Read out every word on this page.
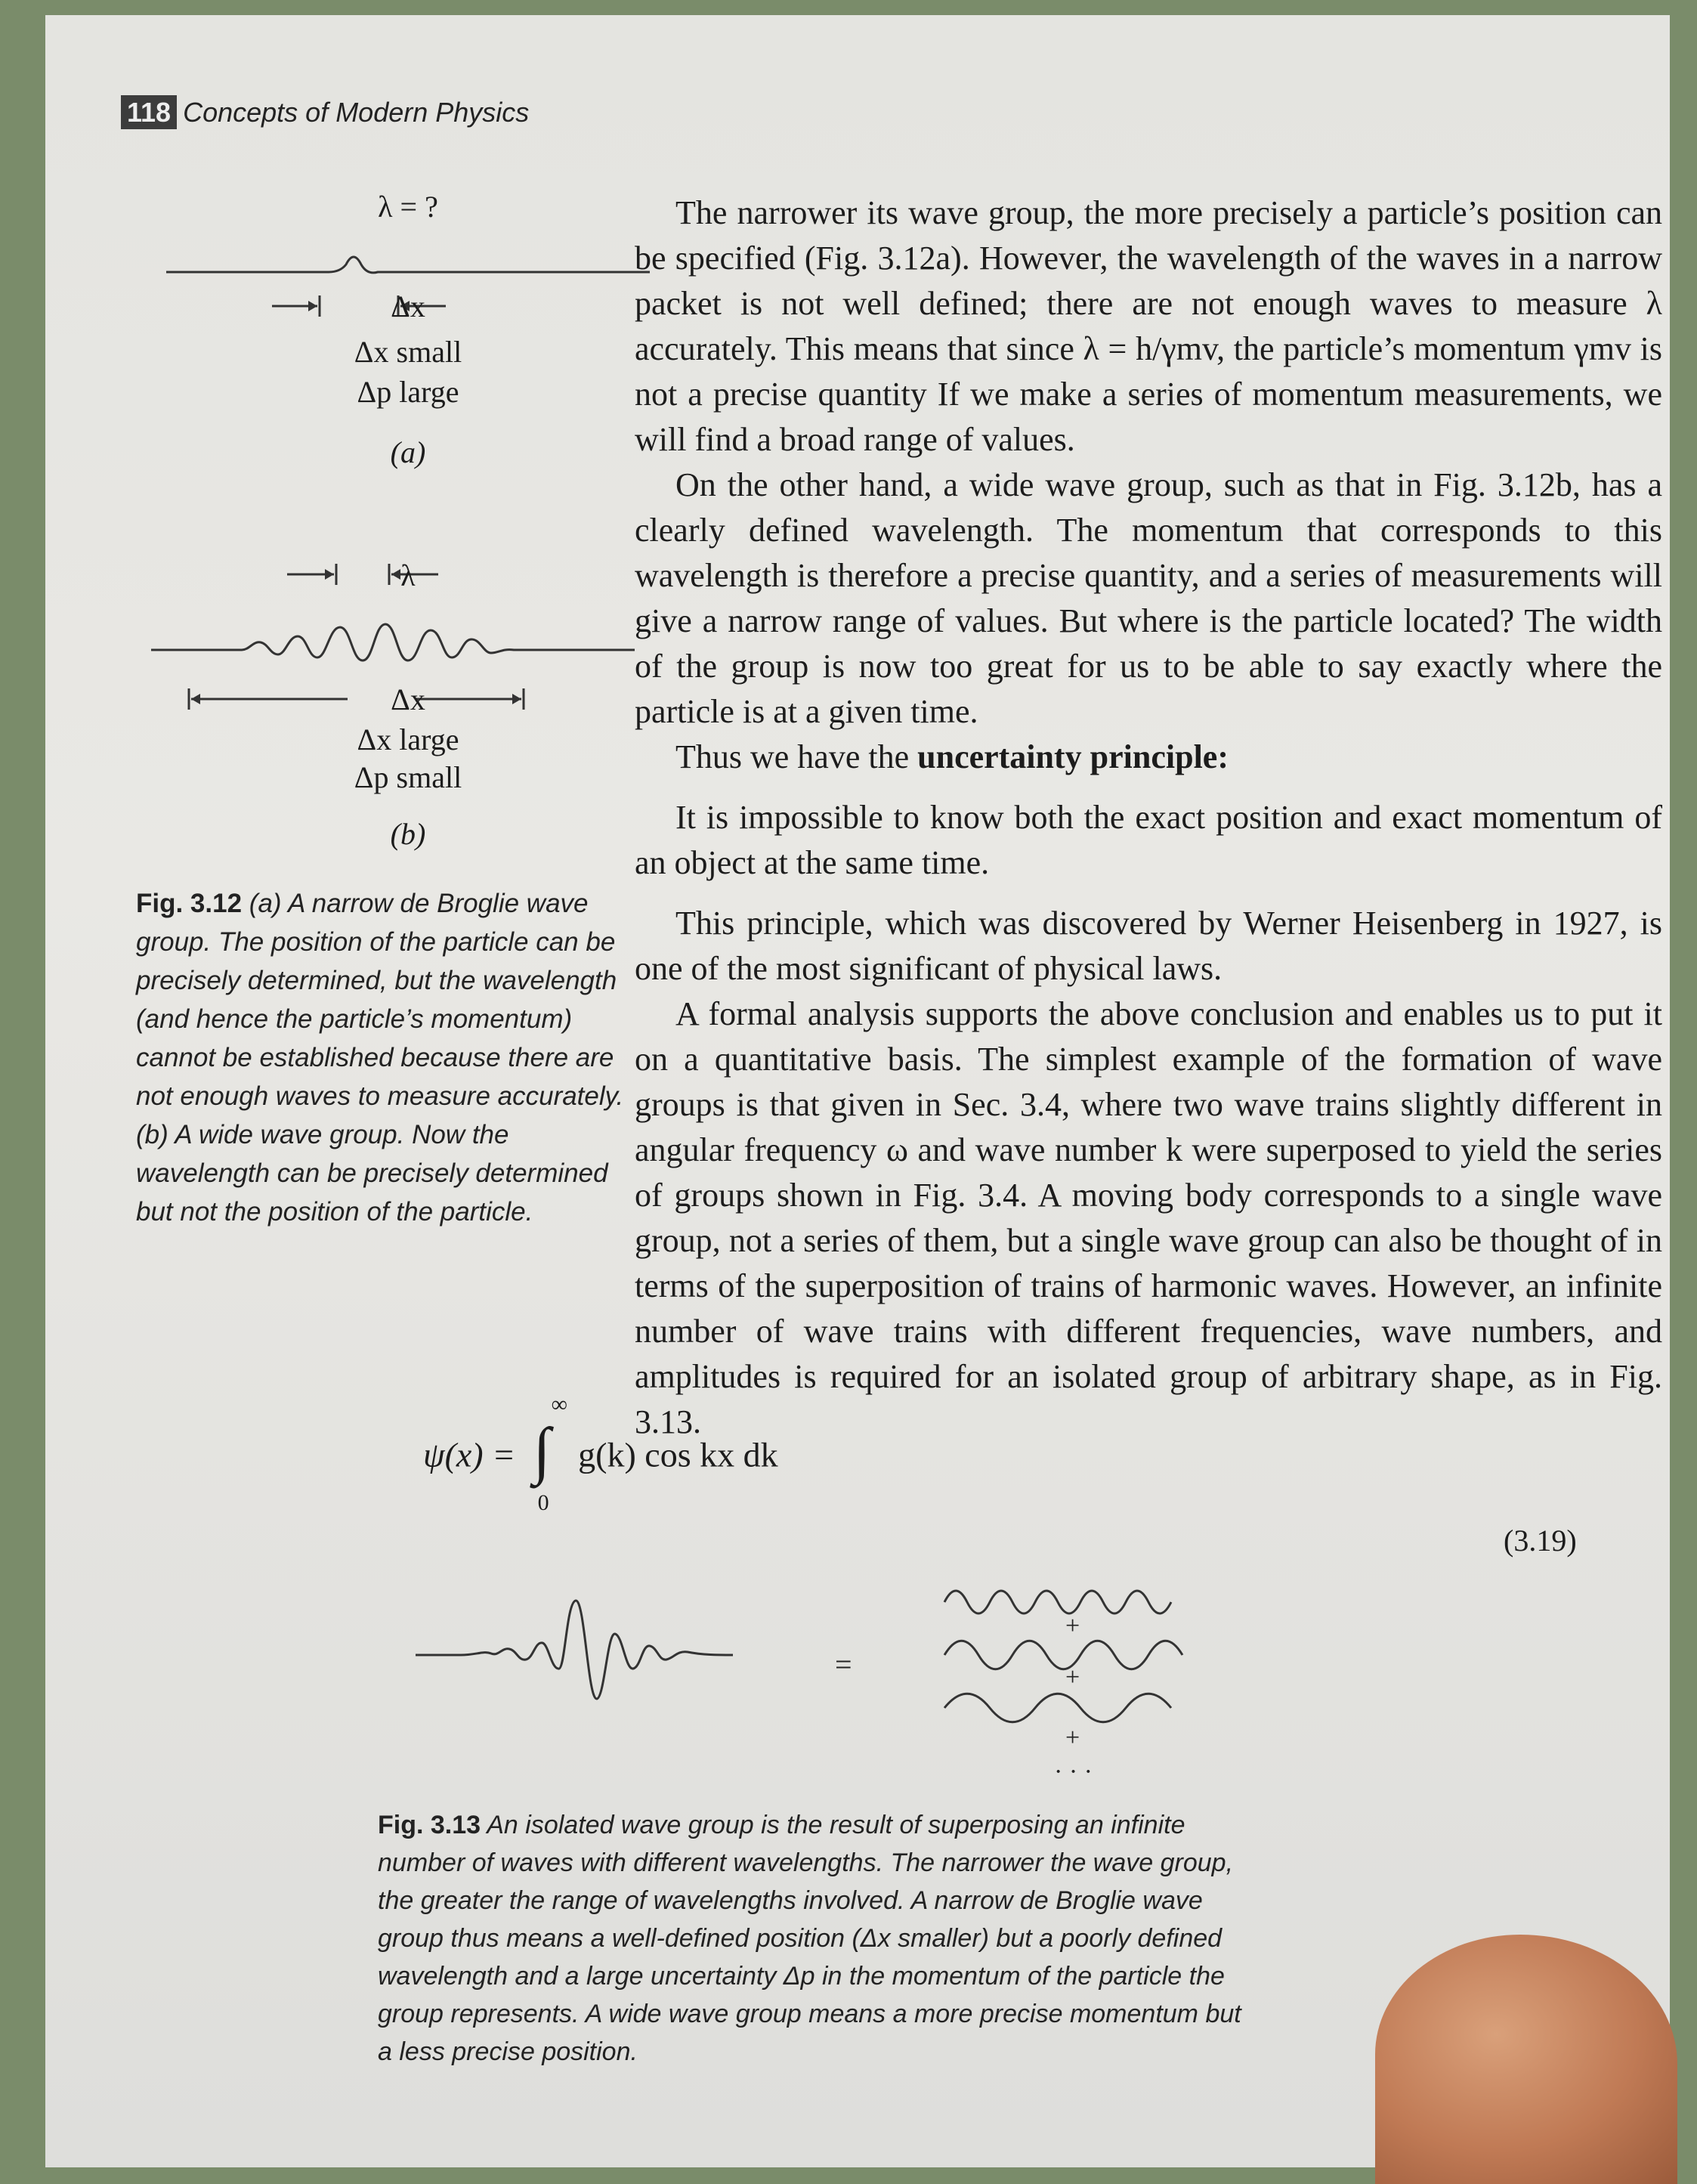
118 Concepts of Modern Physics
λ = ?
Δx
Δx small
Δp large
(a)
λ
Δx
Δx large
Δp small
(b)
Fig. 3.12 (a) A narrow de Broglie wave group. The position of the particle can be precisely determined, but the wavelength (and hence the particle’s momentum) cannot be established because there are not enough waves to measure accurately. (b) A wide wave group. Now the wavelength can be precisely determined but not the position of the particle.

The narrower its wave group, the more precisely a particle’s position can be specified (Fig. 3.12a). However, the wavelength of the waves in a narrow packet is not well defined; there are not enough waves to measure λ accurately. This means that since λ = h/γmv, the particle’s momentum γmv is not a precise quantity If we make a series of momentum measurements, we will find a broad range of values.

On the other hand, a wide wave group, such as that in Fig. 3.12b, has a clearly defined wavelength. The momentum that corresponds to this wavelength is therefore a precise quantity, and a series of measurements will give a narrow range of values. But where is the particle located? The width of the group is now too great for us to be able to say exactly where the particle is at a given time.

Thus we have the uncertainty principle:

It is impossible to know both the exact position and exact momentum of an object at the same time.

This principle, which was discovered by Werner Heisenberg in 1927, is one of the most significant of physical laws.

A formal analysis supports the above conclusion and enables us to put it on a quantitative basis. The simplest example of the formation of wave groups is that given in Sec. 3.4, where two wave trains slightly different in angular frequency ω and wave number k were superposed to yield the series of groups shown in Fig. 3.4. A moving body corresponds to a single wave group, not a series of them, but a single wave group can also be thought of in terms of the superposition of trains of harmonic waves. However, an infinite number of wave trains with different frequencies, wave numbers, and amplitudes is required for an isolated group of arbitrary shape, as in Fig. 3.13.

ψ(x) = ∫
∞
0
g(k) cos kx dk
(3.19)
=
+
+
+
· · ·
Fig. 3.13 An isolated wave group is the result of superposing an infinite number of waves with different wavelengths. The narrower the wave group, the greater the range of wavelengths involved. A narrow de Broglie wave group thus means a well-defined position (Δx smaller) but a poorly defined wavelength and a large uncertainty Δp in the momentum of the particle the group represents. A wide wave group means a more precise momentum but a less precise position.
